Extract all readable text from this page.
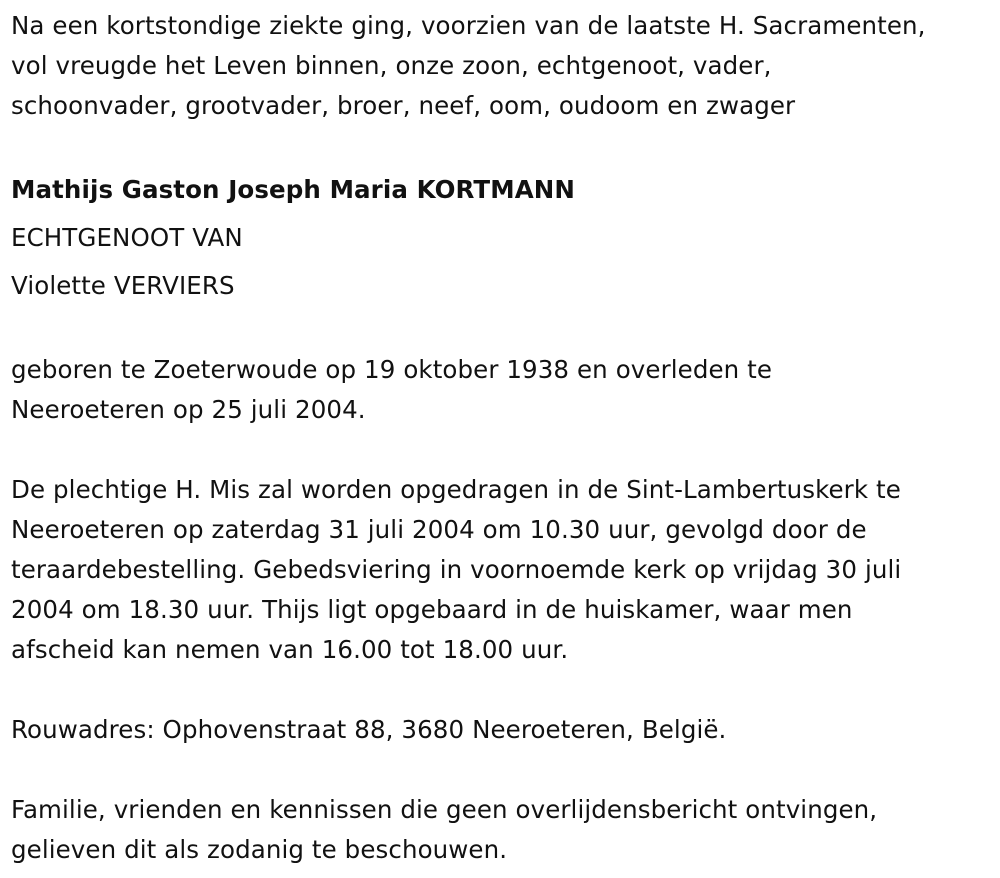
Na een kortstondige ziekte ging, voorzien van de laatste H. Sacramenten,
vol vreugde het Leven binnen, onze zoon, echtgenoot, vader,
schoonvader, grootvader, broer, neef, oom, oudoom en zwager
Mathijs Gaston Joseph Maria KORTMANN
ECHTGENOOT VAN
Violette VERVIERS
geboren te Zoeterwoude op 19 oktober 1938 en overleden te
Neeroeteren op 25 juli 2004.
De plechtige H. Mis zal worden opgedragen in de Sint-Lambertuskerk te
Neeroeteren op zaterdag 31 juli 2004 om 10.30 uur, gevolgd door de
teraardebestelling. Gebedsviering in voornoemde kerk op vrijdag 30 juli
2004 om 18.30 uur. Thijs ligt opgebaard in de huiskamer, waar men
afscheid kan nemen van 16.00 tot 18.00 uur.
Rouwadres: Ophovenstraat 88, 3680 Neeroeteren, België.
Familie, vrienden en kennissen die geen overlijdensbericht ontvingen,
gelieven dit als zodanig te beschouwen.
